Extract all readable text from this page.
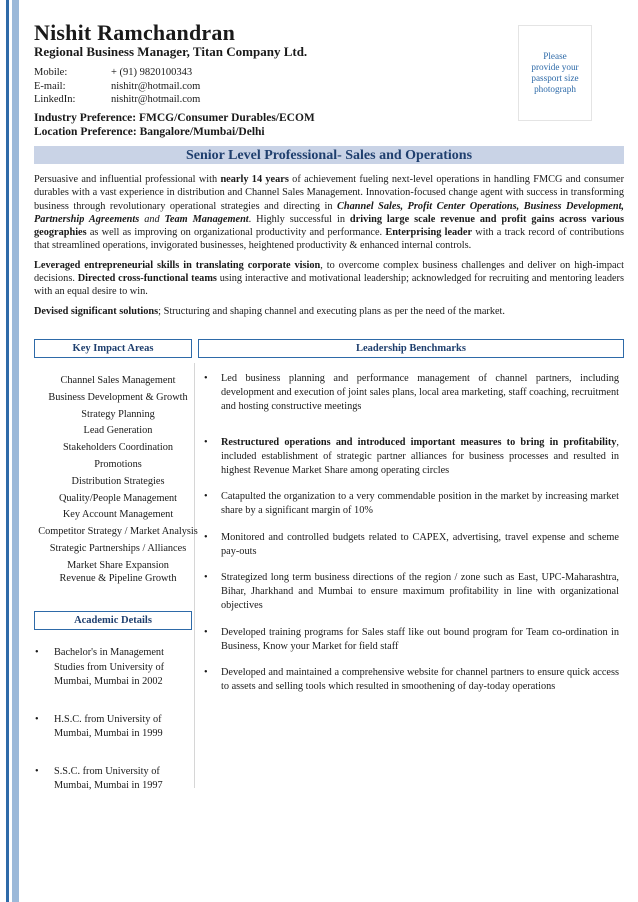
Nishit Ramchandran
Regional Business Manager, Titan Company Ltd.
Mobile:	+ (91) 9820100343
E-mail:	nishitr@hotmail.com
LinkedIn:	nishitr@hotmail.com
Industry Preference: FMCG/Consumer Durables/ECOM
Location Preference: Bangalore/Mumbai/Delhi
Please
provide your
passport size
photograph
Senior Level Professional- Sales and Operations

Persuasive and influential professional with nearly 14 years of achievement fueling next-level operations in handling FMCG and consumer durables with a vast experience in distribution and Channel Sales Management. Innovation-focused change agent with success in transforming business through revolutionary operational strategies and directing in Channel Sales, Profit Center Operations, Business Development, Partnership Agreements and Team Management. Highly successful in driving large scale revenue and profit gains across various geographies as well as improving on organizational productivity and performance. Enterprising leader with a track record of contributions that streamlined operations, invigorated businesses, heightened productivity & enhanced internal controls.

Leveraged entrepreneurial skills in translating corporate vision, to overcome complex business challenges and deliver on high-impact decisions. Directed cross-functional teams using interactive and motivational leadership; acknowledged for recruiting and mentoring leaders with an equal desire to win.

Devised significant solutions; Structuring and shaping channel and executing plans as per the need of the market.

Key Impact Areas	Leadership Benchmarks
Channel Sales Management
Business Development & Growth
Strategy Planning
Lead Generation
Stakeholders Coordination
Promotions
Distribution Strategies
Quality/People Management
Key Account Management
Competitor Strategy / Market Analysis
Strategic Partnerships / Alliances
Market Share Expansion
Revenue & Pipeline Growth
Academic Details
• Bachelor's in Management Studies from University of Mumbai, Mumbai in 2002
• H.S.C. from University of Mumbai, Mumbai in 1999
• S.S.C. from University of Mumbai, Mumbai in 1997
• Led business planning and performance management of channel partners, including development and execution of joint sales plans, local area marketing, staff coaching, recruitment and hosting constructive meetings
• Restructured operations and introduced important measures to bring in profitability, included establishment of strategic partner alliances for business processes and resulted in highest Revenue Market Share among operating circles
• Catapulted the organization to a very commendable position in the market by increasing market share by a significant margin of 10%
• Monitored and controlled budgets related to CAPEX, advertising, travel expense and scheme pay-outs
• Strategized long term business directions of the region / zone such as East, UPC-Maharashtra, Bihar, Jharkhand and Mumbai to ensure maximum profitability in line with organizational objectives
• Developed training programs for Sales staff like out bound program for Team co-ordination in Business, Know your Market for field staff
• Developed and maintained a comprehensive website for channel partners to ensure quick access to assets and selling tools which resulted in smoothening of day-today operations
